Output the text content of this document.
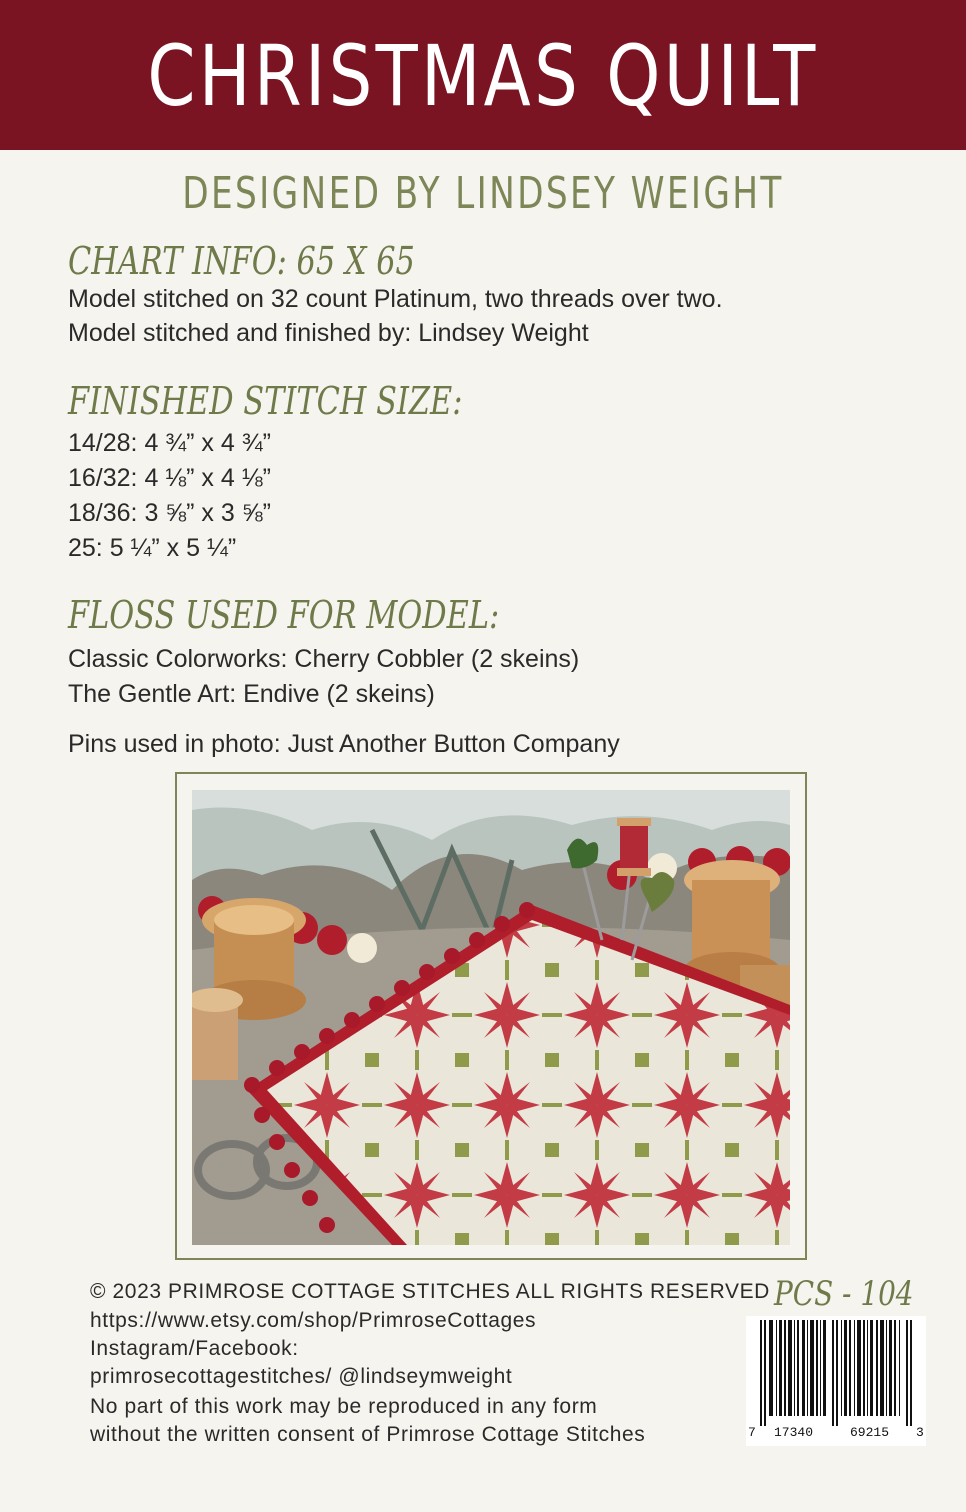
CHRISTMAS QUILT
DESIGNED BY LINDSEY WEIGHT
CHART INFO: 65 X 65
Model stitched on 32 count Platinum, two threads over two.
Model stitched and finished by: Lindsey Weight
FINISHED STITCH SIZE:
14/28: 4 ¾” x 4 ¾”
16/32: 4 ⅛” x 4 ⅛”
18/36: 3 ⅝” x 3 ⅝”
25: 5 ¼” x 5 ¼”
FLOSS USED FOR MODEL:
Classic Colorworks: Cherry Cobbler (2 skeins)
The Gentle Art: Endive (2 skeins)
Pins used in photo: Just Another Button Company
© 2023 PRIMROSE COTTAGE STITCHES ALL RIGHTS RESERVED
https://www.etsy.com/shop/PrimroseCottages
Instagram/Facebook:
primrosecottagestitches/ @lindseymweight
No part of this work may be reproduced in any form
without the written consent of Primrose Cottage Stitches
PCS - 104
7 17340	69215 3
